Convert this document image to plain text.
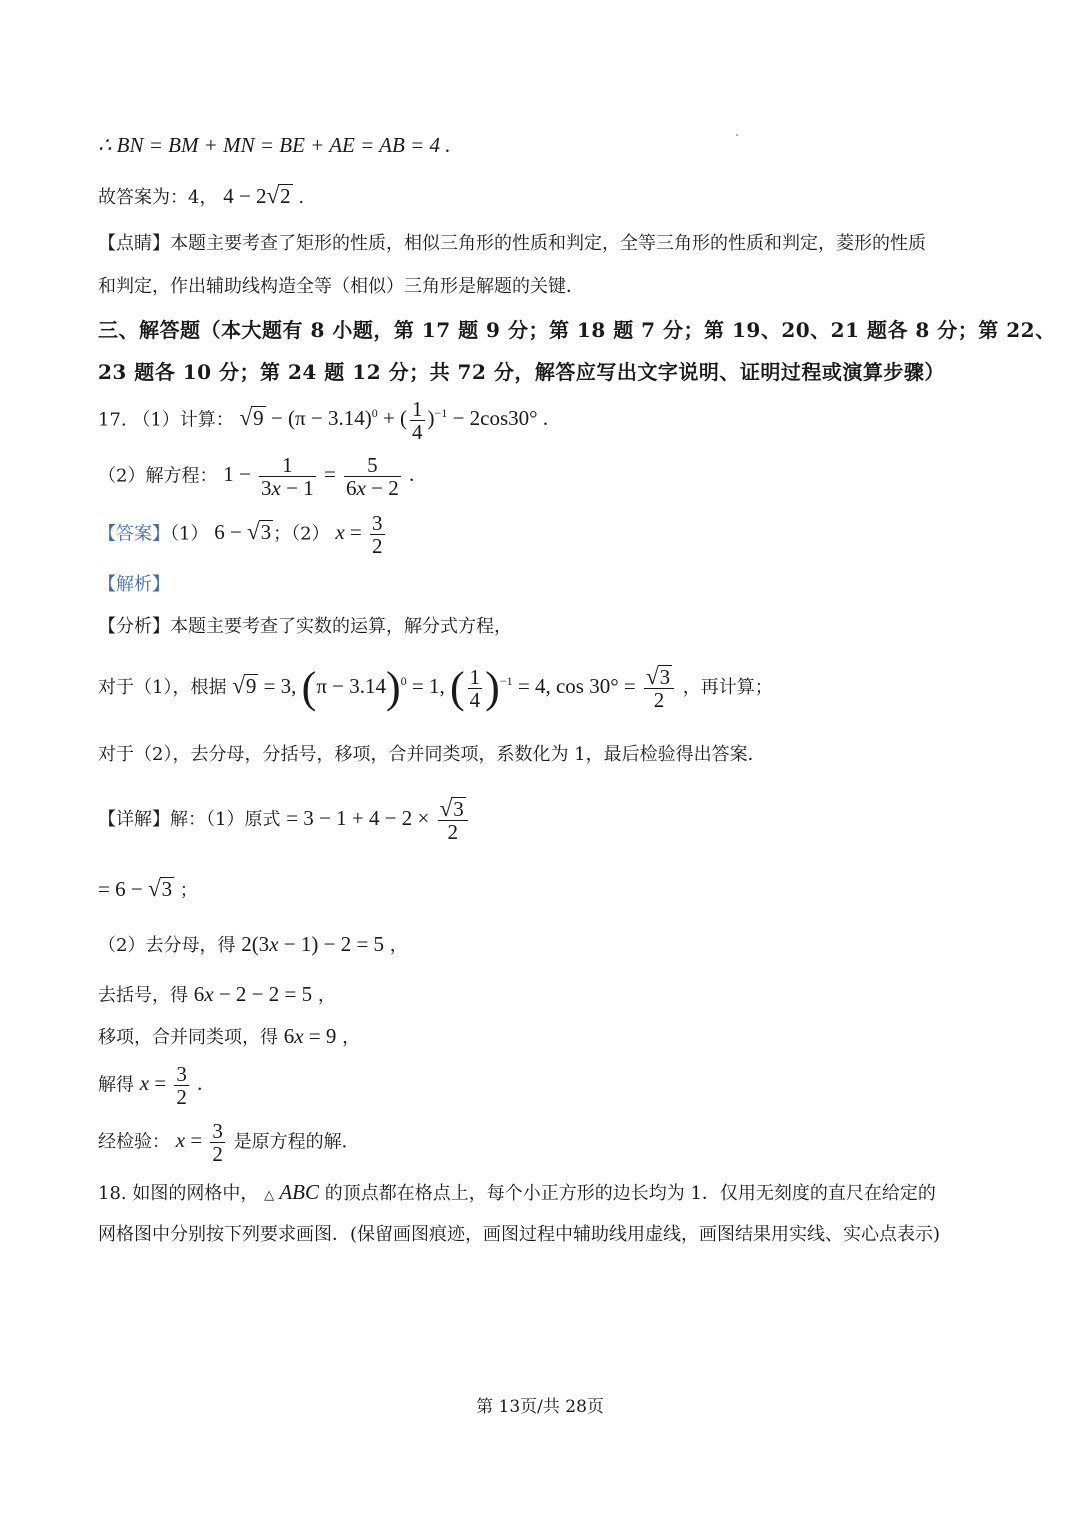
∴ BN = BM + MN = BE + AE = AB = 4 .
故答案为：4， 4 − 2√2 .
【点睛】本题主要考查了矩形的性质，相似三角形的性质和判定，全等三角形的性质和判定，菱形的性质
和判定，作出辅助线构造全等（相似）三角形是解题的关键．
三、解答题（本大题有 8 小题，第 17 题 9 分；第 18 题 7 分；第 19、20、21 题各 8 分；第 22、
23 题各 10 分；第 24 题 12 分；共 72 分，解答应写出文字说明、证明过程或演算步骤）
17. （1）计算： $√9 - (\pi - 3.14)^0$ + ( $\frac{1}{4} )^{-1} - 2\cos 30^\circ$ .
（2）解方程： $1 - \frac{1}{3x - 1} = \frac{5}{6x - 2}$ .
【答案】（1） 6 − √3 ；（2） $x = \frac{3}{2}$
【解析】
【分析】本题主要考查了实数的运算，解分式方程，
对于（1），根据 √9 = 3, $(\pi - 3.14)^0 = 1$, ( $\frac{1}{4} )^{-1} = 4$, $\cos 30^\circ = \frac{√3}{2}$ ，再计算；
对于（2），去分母，分括号，移项，合并同类项，系数化为 1，最后检验得出答案．
【详解】解：（1）原式 = $3 - 1 + 4 - 2 \times \frac{√3}{2}$
= 6 − √3 ；
（2）去分母，得 2(3x − 1) − 2 = 5 ，
去括号，得 6x − 2 − 2 = 5 ，
移项，合并同类项，得 6x = 9 ，
解得 $x = \frac{3}{2}$ .
经检验： $x = \frac{3}{2}$ 是原方程的解．
18. 如图的网格中， △ ABC 的顶点都在格点上，每个小正方形的边长均为 1．仅用无刻度的直尺在给定的
网格图中分别按下列要求画图．(保留画图痕迹，画图过程中辅助线用虚线，画图结果用实线、实心点表示)
第 13页/共 28页
